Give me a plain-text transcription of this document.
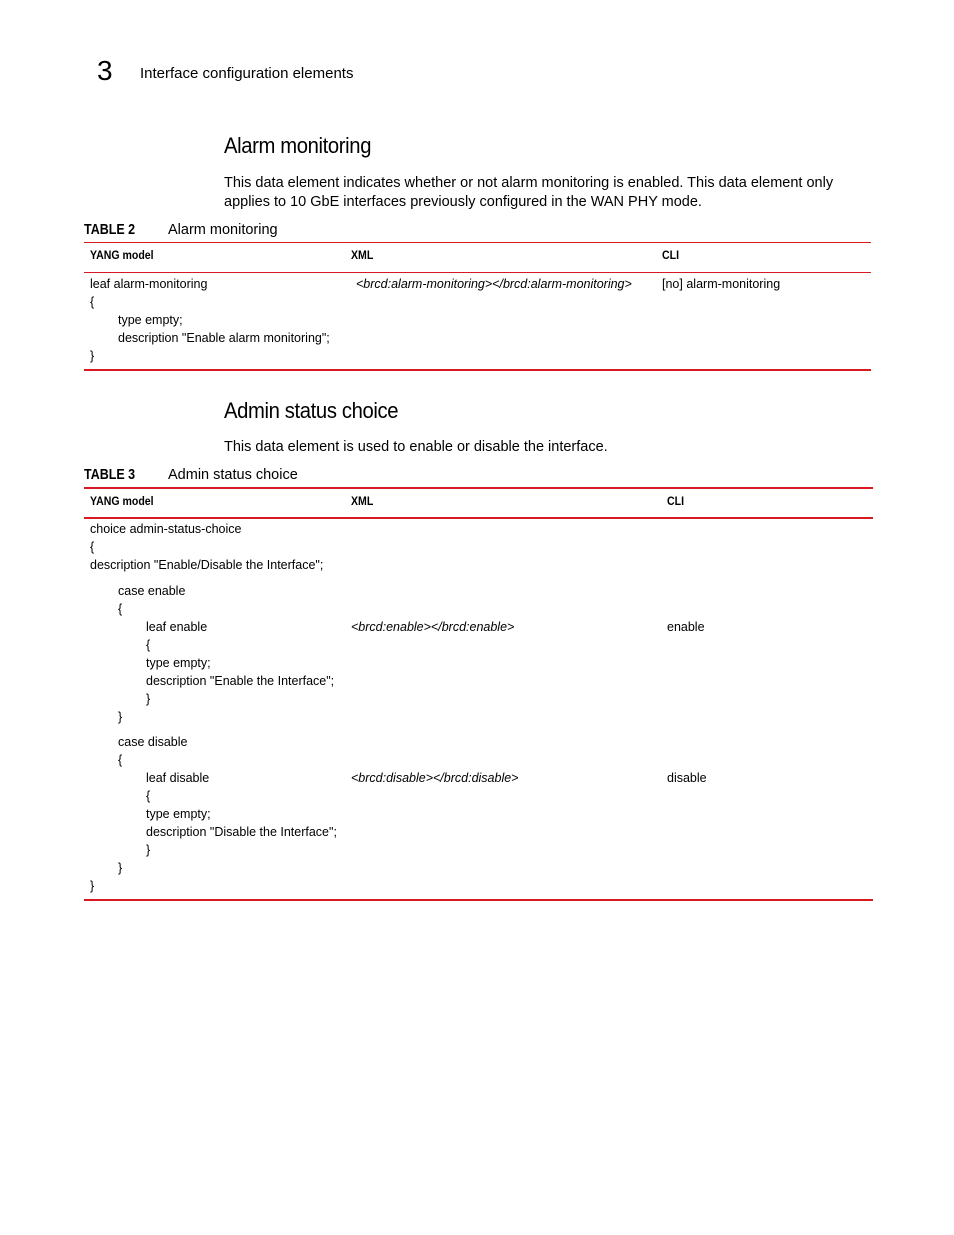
3 Interface configuration elements
Alarm monitoring
This data element indicates whether or not alarm monitoring is enabled. This data element only
applies to 10 GbE interfaces previously configured in the WAN PHY mode.
TABLE 2 Alarm monitoring
YANG model	XML	CLI
leaf alarm-monitoring
{
type empty;
description "Enable alarm monitoring";
}
<brcd:alarm-monitoring></brcd:alarm-monitoring> [no] alarm-monitoring
Admin status choice
This data element is used to enable or disable the interface.
TABLE 3 Admin status choice
YANG model	XML	CLI
choice admin-status-choice
{
description "Enable/Disable the Interface";
case enable
{
leaf enable
{
type empty;
description "Enable the Interface";
}
}
<brcd:enable></brcd:enable>	enable
case disable
{
leaf disable
{
type empty;
description "Disable the Interface";
}
}
<brcd:disable></brcd:disable>	disable
}
